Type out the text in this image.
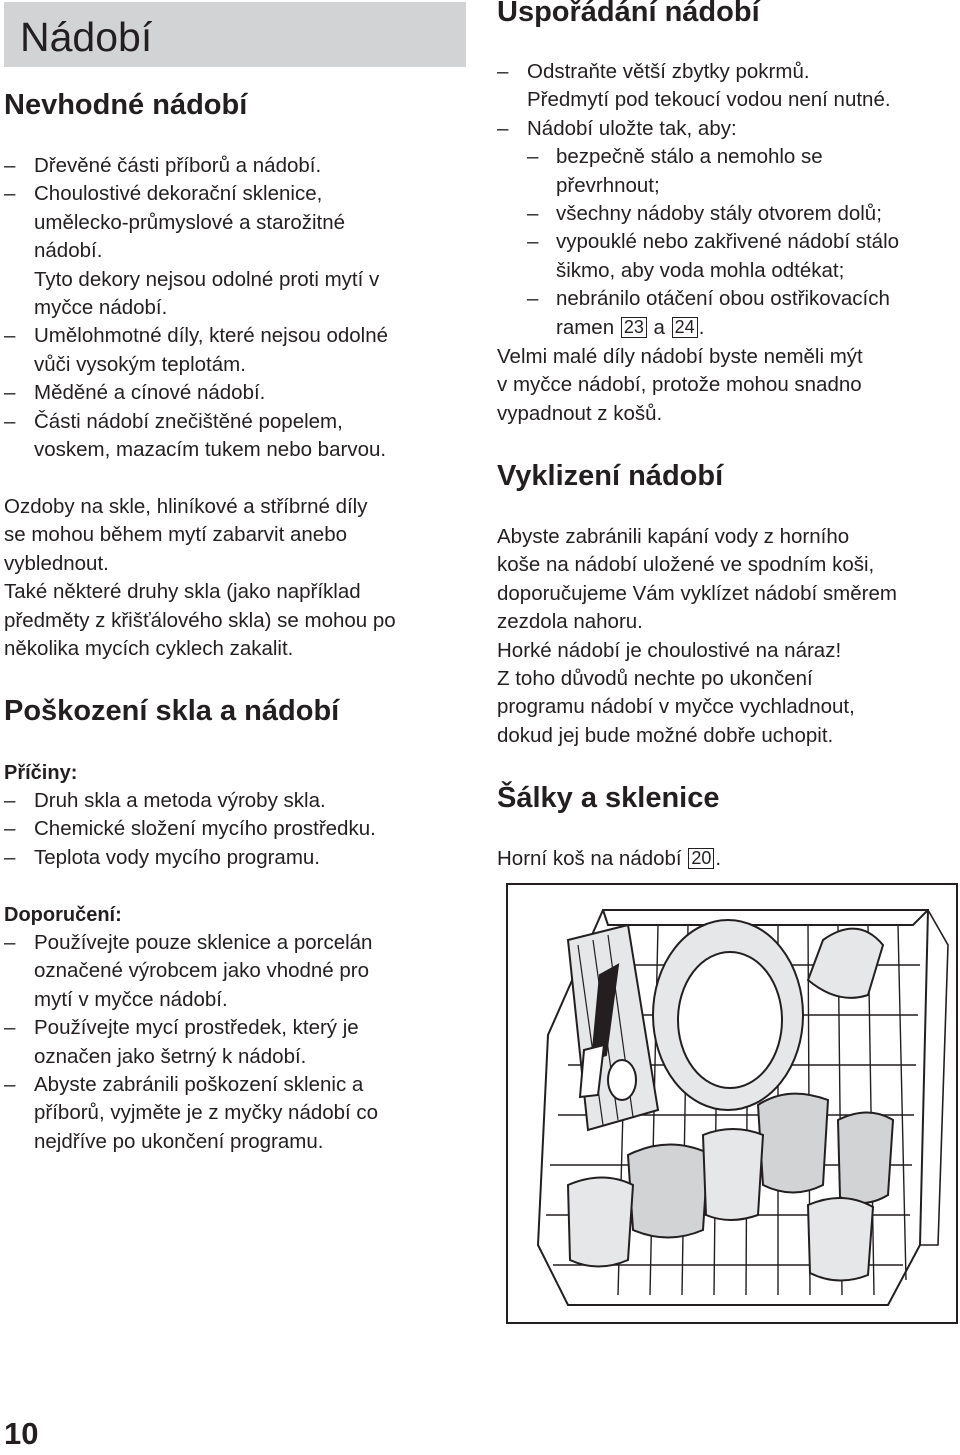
Nádobí
Nevhodné nádobí
– Dřevěné části příborů a nádobí.
– Choulostivé dekorační sklenice,
umělecko-průmyslové a starožitné
nádobí.
Tyto dekory nejsou odolné proti mytí v
myčce nádobí.
– Umělohmotné díly, které nejsou odolné
vůči vysokým teplotám.
– Měděné a cínové nádobí.
– Části nádobí znečištěné popelem,
voskem, mazacím tukem nebo barvou.

Ozdoby na skle, hliníkové a stříbrné díly
se mohou během mytí zabarvit anebo
vyblednout.
Také některé druhy skla (jako například
předměty z křišťálového skla) se mohou po
několika mycích cyklech zakalit.

Poškození skla a nádobí
Příčiny:
– Druh skla a metoda výroby skla.
– Chemické složení mycího prostředku.
– Teplota vody mycího programu.
Doporučení:
– Používejte pouze sklenice a porcelán
označené výrobcem jako vhodné pro
mytí v myčce nádobí.
– Používejte mycí prostředek, který je
označen jako šetrný k nádobí.
– Abyste zabránili poškození sklenic a
příborů, vyjměte je z myčky nádobí co
nejdříve po ukončení programu.
Uspořádání nádobí
– Odstraňte větší zbytky pokrmů.
Předmytí pod tekoucí vodou není nutné.
– Nádobí uložte tak, aby:
– bezpečně stálo a nemohlo se
převrhnout;
– všechny nádoby stály otvorem dolů;
– vypouklé nebo zakřivené nádobí stálo
šikmo, aby voda mohla odtékat;
– nebránilo otáčení obou ostřikovacích
ramen 23 a 24 .

Velmi malé díly nádobí byste neměli mýt
v myčce nádobí, protože mohou snadno
vypadnout z košů.

Vyklizení nádobí

Abyste zabránili kapání vody z horního
koše na nádobí uložené ve spodním koši,
doporučujeme Vám vyklízet nádobí směrem
zezdola nahoru.
Horké nádobí je choulostivé na náraz!
Z toho důvodů nechte po ukončení
programu nádobí v myčce vychladnout,
dokud jej bude možné dobře uchopit.

Šálky a sklenice

Horní koš na nádobí 20 .

10
